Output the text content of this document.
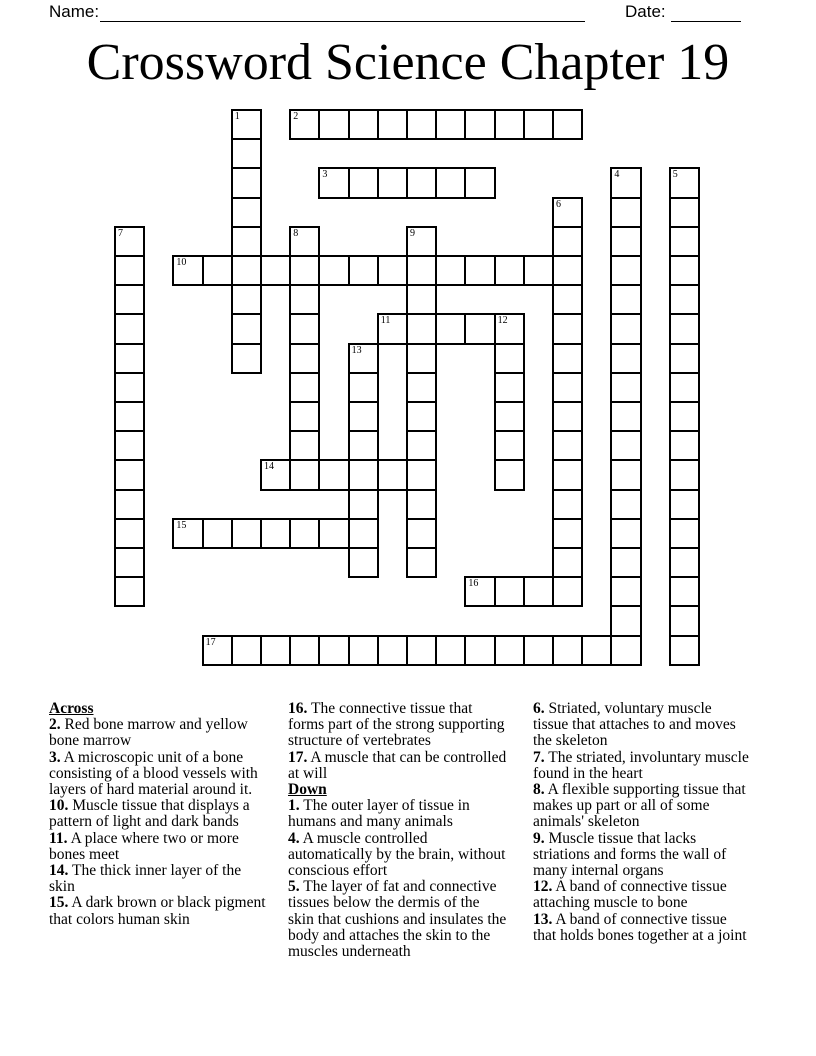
Name:	Date:
Crossword Science Chapter 19
1	2
3	4	5
6
7	8	9
10
11	12
13
14
15
16
17
Across

2. Red bone marrow and yellow bone marrow

3. A microscopic unit of a bone consisting of a blood vessels with layers of hard material around it.

10. Muscle tissue that displays a pattern of light and dark bands

11. A place where two or more bones meet

14. The thick inner layer of the skin

15. A dark brown or black pigment that colors human skin

16. The connective tissue that forms part of the strong supporting structure of vertebrates

17. A muscle that can be controlled at will

Down

1. The outer layer of tissue in humans and many animals

4. A muscle controlled automatically by the brain, without conscious effort

5. The layer of fat and connective tissues below the dermis of the skin that cushions and insulates the body and attaches the skin to the muscles underneath

6. Striated, voluntary muscle tissue that attaches to and moves the skeleton

7. The striated, involuntary muscle found in the heart

8. A flexible supporting tissue that makes up part or all of some animals' skeleton

9. Muscle tissue that lacks striations and forms the wall of many internal organs

12. A band of connective tissue attaching muscle to bone

13. A band of connective tissue that holds bones together at a joint
